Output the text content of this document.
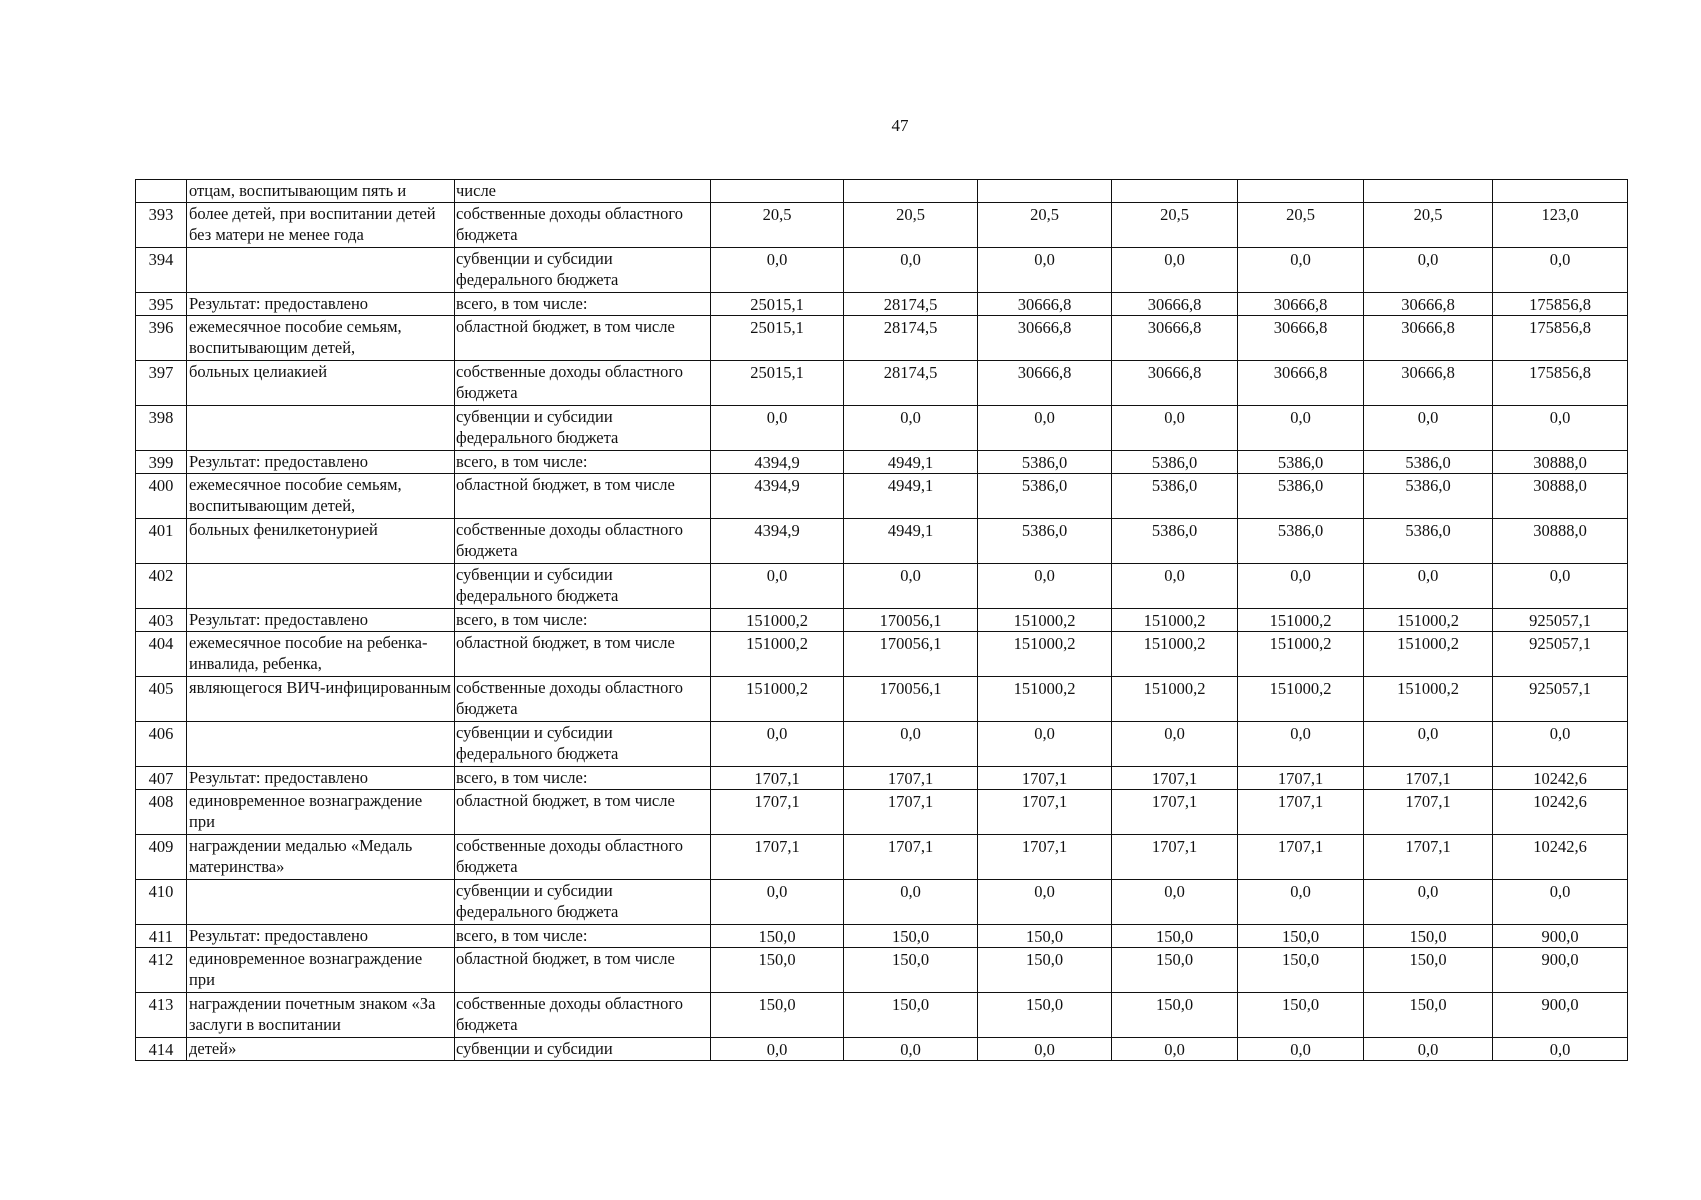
47
	отцам, воспитывающим пять и	числе							
393	более детей, при воспитании детей без матери не менее года	собственные доходы областного бюджета	20,5	20,5	20,5	20,5	20,5	20,5	123,0
394		субвенции и субсидии федерального бюджета	0,0	0,0	0,0	0,0	0,0	0,0	0,0
395	Результат: предоставлено	всего, в том числе:	25015,1	28174,5	30666,8	30666,8	30666,8	30666,8	175856,8
396	ежемесячное пособие семьям, воспитывающим детей,	областной бюджет, в том числе	25015,1	28174,5	30666,8	30666,8	30666,8	30666,8	175856,8
397	больных целиакией	собственные доходы областного бюджета	25015,1	28174,5	30666,8	30666,8	30666,8	30666,8	175856,8
398		субвенции и субсидии федерального бюджета	0,0	0,0	0,0	0,0	0,0	0,0	0,0
399	Результат: предоставлено	всего, в том числе:	4394,9	4949,1	5386,0	5386,0	5386,0	5386,0	30888,0
400	ежемесячное пособие семьям, воспитывающим детей,	областной бюджет, в том числе	4394,9	4949,1	5386,0	5386,0	5386,0	5386,0	30888,0
401	больных фенилкетонурией	собственные доходы областного бюджета	4394,9	4949,1	5386,0	5386,0	5386,0	5386,0	30888,0
402		субвенции и субсидии федерального бюджета	0,0	0,0	0,0	0,0	0,0	0,0	0,0
403	Результат: предоставлено	всего, в том числе:	151000,2	170056,1	151000,2	151000,2	151000,2	151000,2	925057,1
404	ежемесячное пособие на ребенка-инвалида, ребенка,	областной бюджет, в том числе	151000,2	170056,1	151000,2	151000,2	151000,2	151000,2	925057,1
405	являющегося ВИЧ-инфицированным	собственные доходы областного бюджета	151000,2	170056,1	151000,2	151000,2	151000,2	151000,2	925057,1
406		субвенции и субсидии федерального бюджета	0,0	0,0	0,0	0,0	0,0	0,0	0,0
407	Результат: предоставлено	всего, в том числе:	1707,1	1707,1	1707,1	1707,1	1707,1	1707,1	10242,6
408	единовременное вознаграждение при	областной бюджет, в том числе	1707,1	1707,1	1707,1	1707,1	1707,1	1707,1	10242,6
409	награждении медалью «Медаль материнства»	собственные доходы областного бюджета	1707,1	1707,1	1707,1	1707,1	1707,1	1707,1	10242,6
410		субвенции и субсидии федерального бюджета	0,0	0,0	0,0	0,0	0,0	0,0	0,0
411	Результат: предоставлено	всего, в том числе:	150,0	150,0	150,0	150,0	150,0	150,0	900,0
412	единовременное вознаграждение при	областной бюджет, в том числе	150,0	150,0	150,0	150,0	150,0	150,0	900,0
413	награждении почетным знаком «За заслуги в воспитании	собственные доходы областного бюджета	150,0	150,0	150,0	150,0	150,0	150,0	900,0
414	детей»	субвенции и субсидии	0,0	0,0	0,0	0,0	0,0	0,0	0,0
